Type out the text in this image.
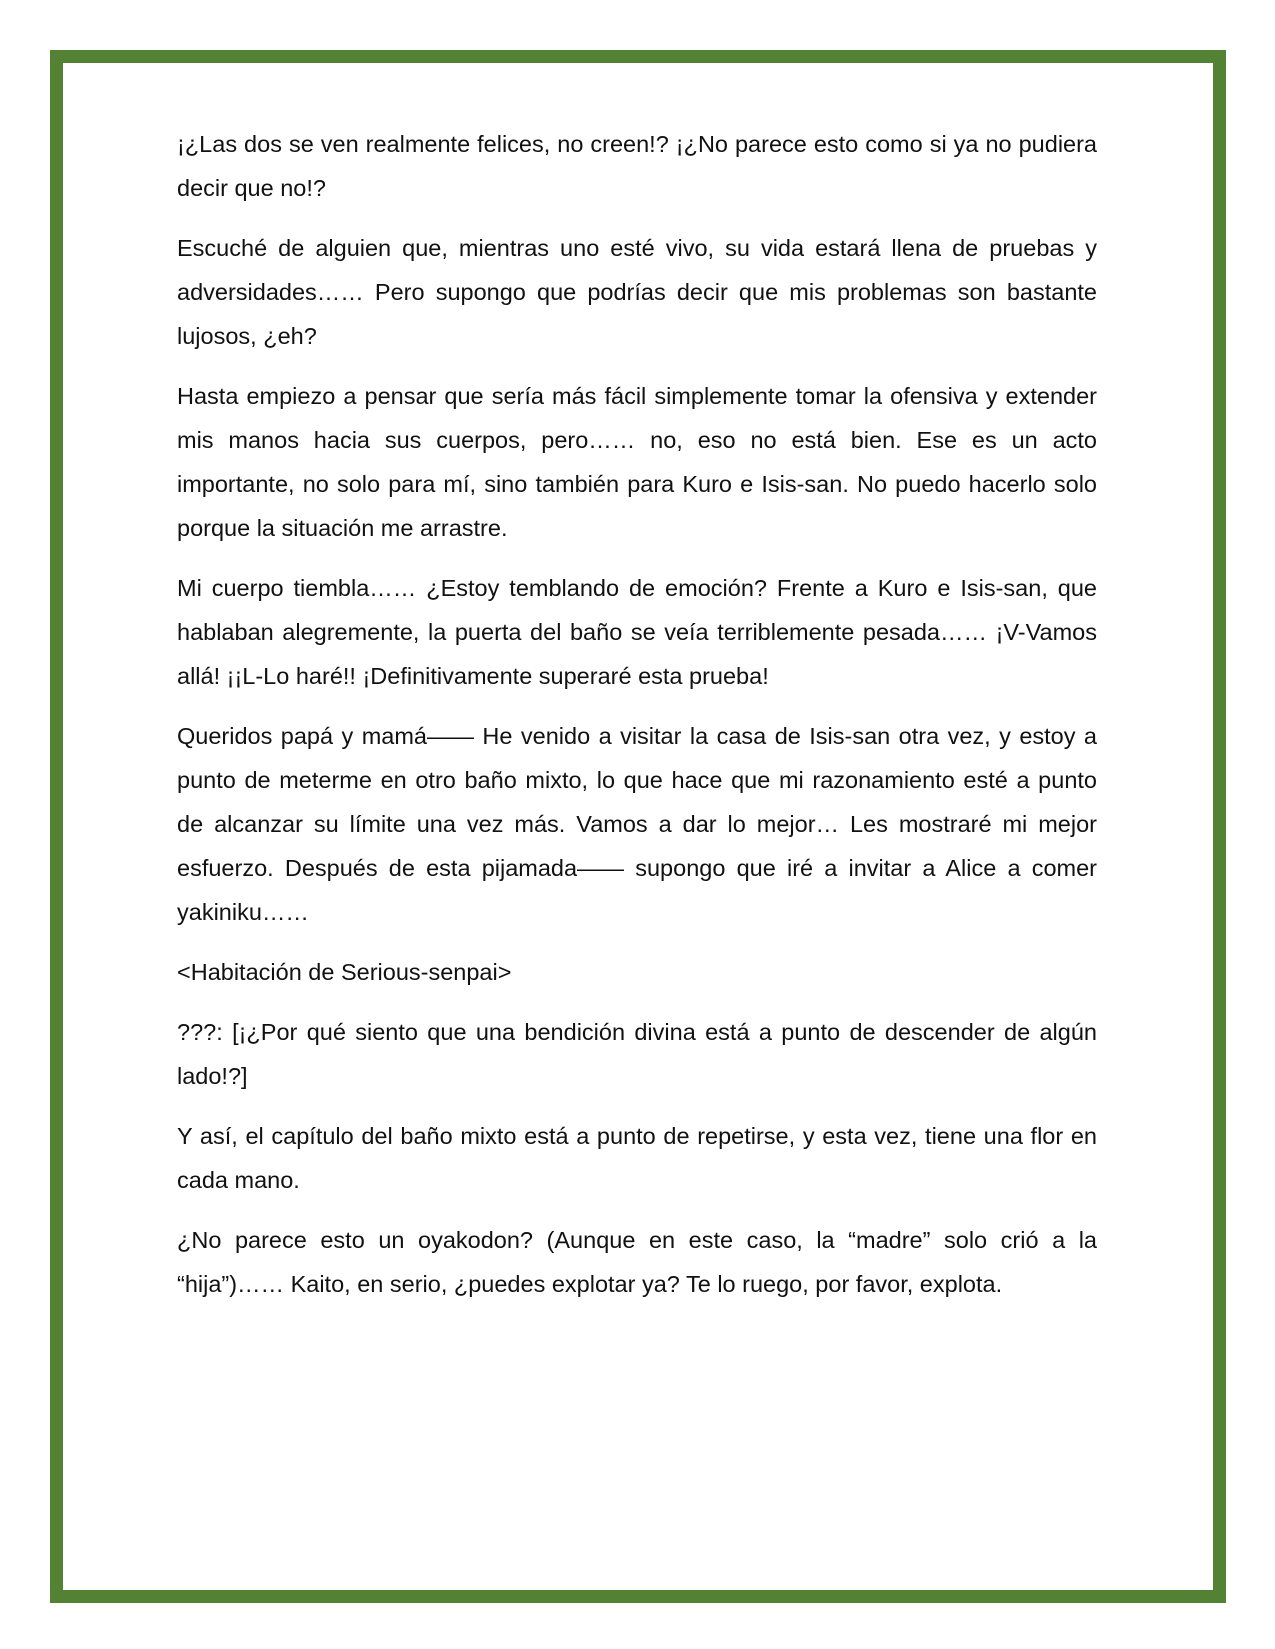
¡¿Las dos se ven realmente felices, no creen!? ¡¿No parece esto como si ya no pudiera decir que no!?

Escuché de alguien que, mientras uno esté vivo, su vida estará llena de pruebas y adversidades…… Pero supongo que podrías decir que mis problemas son bastante lujosos, ¿eh?

Hasta empiezo a pensar que sería más fácil simplemente tomar la ofensiva y extender mis manos hacia sus cuerpos, pero…… no, eso no está bien. Ese es un acto importante, no solo para mí, sino también para Kuro e Isis-san. No puedo hacerlo solo porque la situación me arrastre.

Mi cuerpo tiembla…… ¿Estoy temblando de emoción? Frente a Kuro e Isis-san, que hablaban alegremente, la puerta del baño se veía terriblemente pesada…… ¡V-Vamos allá! ¡¡L-Lo haré!! ¡Definitivamente superaré esta prueba!

Queridos papá y mamá—— He venido a visitar la casa de Isis-san otra vez, y estoy a punto de meterme en otro baño mixto, lo que hace que mi razonamiento esté a punto de alcanzar su límite una vez más. Vamos a dar lo mejor… Les mostraré mi mejor esfuerzo. Después de esta pijamada—— supongo que iré a invitar a Alice a comer yakiniku……

<Habitación de Serious-senpai>

???: [¡¿Por qué siento que una bendición divina está a punto de descender de algún lado!?]

Y así, el capítulo del baño mixto está a punto de repetirse, y esta vez, tiene una flor en cada mano.

¿No parece esto un oyakodon? (Aunque en este caso, la “madre” solo crió a la “hija”)…… Kaito, en serio, ¿puedes explotar ya? Te lo ruego, por favor, explota.
